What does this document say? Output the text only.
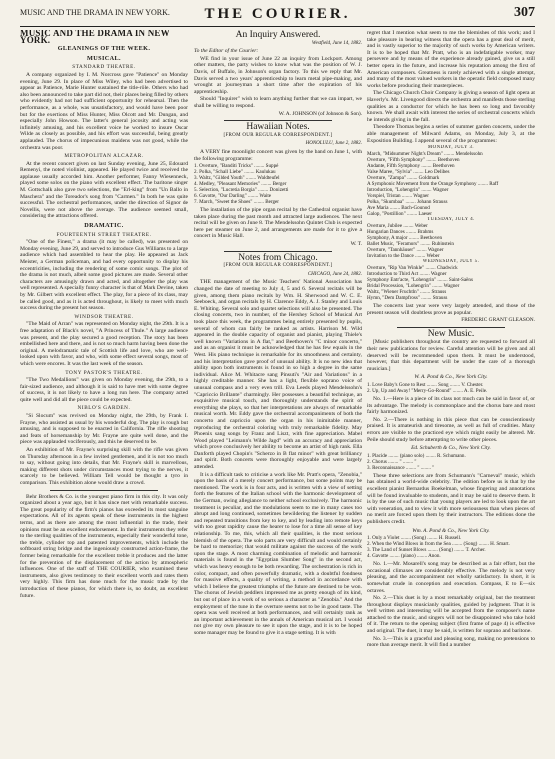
MUSIC AND THE DRAMA IN NEW YORK.	THE COURIER.	307
MUSIC AND THE DRAMA IN NEW YORK.
GLEANINGS OF THE WEEK.
MUSICAL.
STANDARD THEATRE.

A company organized by I. M. Norcross gave "Patience" on Monday evening, June 29. In place of Miss Wiley, who had been advertised to appear as Patience, Marie Hunter sustained the title-rôle. Others who had also been announced to take part did not, their places being filled by others who evidently had not had sufficient opportunity for rehearsal. Then the performance, as a whole, was unsatisfactory, and would have been poor but for the exertions of Miss Hunter, Miss Olcott and Mr. Dungan, and especially John Howson. The latter's general jocosity and acting was infinitely amusing, and his excellent voice he worked to insure Oscar Wilde as closely as possible, and his effort was successful, being greatly applauded. The chorus of impecunious maidens was not good, while the orchestra was poor.

METROPOLITAN ALCAZAR.

At the recent concert given on last Sunday evening, June 25, Edouard Remenyi, the noted violinist, appeared. He played twice and received the applause usually accorded him. Another performer, Fanny Wiesenneck, played some solos on the piano with excellent effect. The baritone singer M. Gottschalk also gave two selections, the "Erl-king" from "Un Ballo in Maschera" and the Toreador's song from "Carmen." In both he was quite successful. The orchestral performances, under the direction of Signor de Novellis, were not above the average. The audience seemed small, considering the attractions offered.

DRAMATIC.
FOURTEENTH STREET THEATRE.

"One of the Finest," a drama (it may be called), was presented on Monday evening, June 29, and served to introduce Gus Williams to a large audience which had assembled to hear the play. He appeared as Jack Meister, a German policeman, and had every opportunity to display his eccentricities, including the rendering of some comic songs. The plot of the drama is not much, albeit some good pictures are made. Several other characters are amusingly drawn and acted, and altogether the play was well represented. A specially funny character is that of Mark Devine, taken by Mr. Gilbert with excellent effect. The play, for a piece of its class, may be called good, and as it is acted throughout, is likely to meet with much success during the present hot season.

WINDSOR THEATRE.

"The Maid of Arran" was represented on Monday night, the 29th. It is a free adaptation of Black's novel, "A Princess of Thule." A large audience was present, and the play secured a good reception. The story has been embellished here and there, and is not so much harm having been done the original. A melodramatic tale of Scottish life and love, who are well-looked upon with favor, and who, with some effect several songs, most of which were encores. It was the last week of the season.

TONY PASTOR'S THEATRE.

"The Two Medallions" was given on Monday evening, the 29th, to a fair-sized audience, and although it is said to have met with some degree of success, it is not likely to have a long run here. The company acted quite well and did all the piece could be expected.

NIBLO'S GARDEN.

"Si Slocum" was revived on Monday night, the 29th, by Frank I. Frayne, who assisted as usual by his wonderful dog. The play is rough but amusing, and is supposed to be enacted in California. The rifle shooting and feats of horsemanship by Mr. Frayne are quite well done, and the piece was applauded vociferously, and this he deserved to be.

An exhibition of Mr. Frayne's surprising skill with the rifle was given on Thursday afternoon in a few invited gentlemen, and it is not too much to say, without going into details, that Mr. Frayne's skill is marvellous, making different shots under circumstances most trying to the nerves, it scarcely to be believed. William Tell would be thought a tyro in comparison. This exhibition alone would draw a crowd.

Behr Brothers & Co. is the youngest piano firm in this city. It was only organized about a year ago, but it has since met with remarkable success. The great popularity of the firm's pianos has exceeded its most sanguine expectations. All of its agents speak of these instruments in the highest terms, and as there are among the most influential in the trade, their opinions must be an excellent endorsement. In their instruments they refer to the sterling qualities of the instruments, especially their wonderful tone, the treble, cylinder top and patented improvements, which include the softboard string bridge and the ingeniously constructed action-frame, the former being remarkable for the excellent treble it produces and the latter for the prevention of the displacement of the action by atmospheric influences. One of the staff of THE COURIER, who examined these instruments, also gives testimony to their excellent worth and rates them very highly. This firm has done much for the music trade by the introduction of these pianos, for which there is, no doubt, an excellent future.

An Inquiry Answered.
Westfield, June 14, 1882.

To the Editor of the Courier:

WE find in your issue of June 22 an inquiry from Lockport. Among other matters, the party wishes to know what was the position of W. J. Davis, of Buffalo, in Johnson's organ factory. To this we reply that Mr. Davis served a two years' apprenticeship to learn metal pipe-making, and wrought at journeyman a short time after the expiration of his apprenticeship.

Should "Inquirer" wish to learn anything further that we can impart, we shall be willing to respond.

W. A. JOHNSON (of Johnson & Son).
Hawaiian Notes.
[FROM OUR REGULAR CORRESPONDENT.]
HONOLULU, June 2, 1882.

A VERY fine moonlight concert was given by the band on June 1, with the following programme:

1. Overture, "Banditi Tricks" ........ Suppé
2. Polka, "Schall Liebe" ........ Kaulukau
3. Waltz, "Gilded Youth" ........ Waldteufel
4. Medley, "Pleasant Memories" ........ Berger
5. Selection, "Lucretia Borgia" ........ Donizetti
6. Gavotte, "Our Darling" ........ Waite
7. March, "Sweet the Shoes" ........ Berger

The installation of the pipe organ recital by the Cathedral organist have taken place during the past month and attracted large audiences. The next recital will be given on June 8. The Mendelssohn Quintet Club is expected here per steamer on June 2, and arrangements are made for it to give a concert in Music Hall.

W. T.
Notes from Chicago.
[FROM OUR REGULAR CORRESPONDENT.]
CHICAGO, June 24, 1882.

THE management of the Music Teachers' National Association has changed the date of meeting to July 4, 5 and 6. Several recitals will be given, among them piano recitals by Wm. H. Sherwood and W. C. E. Seeboeck, and organ recitals by H. Clarence Eddy, A. J. Stanley and Louis E. Whiting. Several solo and quartet selections will also be presented. The closing concerts, two in number, of the Hershey School of Musical Art took place this week, the programmes being entirely presented by pupils, several of whom can fairly be ranked as artists. Harrison M. Wild appeared in the double capacity of organist and pianist, playing Thiele's well known "Variations in A flat," and Beethoven's "C minor concerto," and as an organist it must be acknowledged that he has few equals in the West. His piano technique is remarkable for its smoothness and certainty, and his interpretation gave proof of unusual ability. It is no new idea that ability upon both instruments is found in so high a degree in the same individual. Alice M. Whitacre sang Pinsuti's "Air and Variations" in a highly creditable manner. She has a light, flexible soprano voice of unusual compass and a very even trill. Eva Leeds played Mendelssohn's "Capriccio Brillante" charmingly. Her possesses a beautiful technique, an exquisitive musical touch, and thoroughly understands the spirit of everything she plays, so that her interpretations are always of remarkable musical worth. Mr. Eddy gave the orchestral accompaniments of both the concerto and capriccio upon the organ in his inimitable manner, reproducing the orchestral coloring with truly remarkable fidelity. May Phoenix sang songs by Franz and Liszt, with fine appreciation. Mabel Wood played "Leimann's Wilde Jagd" with an accuracy and appreciation which prove conclusively her ability to become an artist of high rank. Ella Danforth played Chopin's "Scherzo in B flat minor" with great brilliancy and spirit. Both concerts were thoroughly enjoyable and were largely attended.

It is a difficult task to criticise a work like Mr. Pratt's opera, "Zenobia," upon the basis of a merely concert performance, but some points may be mentioned. The work is in four acts, and is written with a view of setting forth the features of the Italian school with the harmonic development of the German, owing allegiance to neither school exclusively. The harmonic treatment is peculiar, and the modulations seem to me in many cases too abrupt and long continued, sometimes bewildering the listener by sudden and repeated transitions from key to key, and by leading into remote keys with too great rapidity cause the hearer to lose for a time all sense of key relationship. To me, this, which all their qualities, is the most serious blemish of the opera. The solo parts are very difficult and would certainly be hard to memorize; that would militate against the success of the work upon the stage. A most charming combination of melodic and harmonic materials is found in the "Egyptian Slumber Song" in the second act, which was heavy enough to be both rewarding. The orchestration is rich in color, compact, and often powerfully dramatic, with a doubtful fondness for massive effects, a quality of writing, a method in accordance with which I believe the greatest triumphs of the future are destined to be won. The chorus of Jewish peddlers impressed me as pretty enough of its kind, but out of place in a work of so serious a character as "Zenobia." And the employment of the tune in the overture seems not to be in good taste. The opera was well received at both performances, and will certainly rank as an important achievement in the annals of American musical art. I would not give my own pleasure to see it upon the stage, and it is to be hoped some manager may be found to give it a stage setting. It is with

regret that I mention what seem to me the blemishes of this work; and I take pleasure in bearing witness that the opera has a great deal of merit, and is vastly superior to the majority of such works by American writers. It is to be hoped that Mr. Pratt, who is an indefatigable worker, may persevere and by means of the experience already gained, give us a still better opera in the future, and increase his reputation among the first of American composers. Greatness is rarely achieved with a single attempt, and many of the most valued workers in the operatic field composed many works before producing their masterpieces.

The Chicago Church Choir Company is giving a season of light opera at Haverly's. Mr. Livengood directs the orchestra and manifests those sterling qualities as a conductor for which he has been so long and favorably known. We shall await with interest the series of orchestral concerts which he intends giving in the fall.

Theodore Thomas begins a series of summer garden concerts, under the able management of Milward Adams, on Monday, July 3, at the Exposition Building. I append several of the programmes:

MONDAY, JULY 3.
March, "Midsummer Night's Dream" ........ Mendelssohn
Overture, "Fifth Symphony" ........ Beethoven
Andante, Fifth Symphony ........ Beethoven
Valse Maree, "Sylvia" ........ Leo Delibes
Overture, "Zampa" ........ Goldmark
A Symphonic Movement from the Orange Symphony ........ Raff
Introduction, "Lohengrin" ........ Wagner
Vorspiel, Tristan ........ Wagner
Polka, "Skumbaa" ........ Johann Strauss
Ave Maria ........ Bach-Gounod
Galop, "Postillion" ........ Laeser
TUESDAY, JULY 4.
Overture, Jubilee ........ Weber
Hungarian Dances ........ Brahms
Symphony, A major ........ Beethoven
Ballet Music, "Feramors" ........ Rubinstein
Overture, "Tannhäuser" ........ Wagner
Invitation to the Dance ........ Weber
WEDNESDAY, JULY 5.
Overture, "Rip Van Winkle" ........ Chadwick
Introduction to Third Act ........ Wagner
Symphony Entr'acte, "Lohengrin" ........ Saint-Saëns
Bridal Procession, "Lohengrin" ........ Wagner
Waltz, "Wiener Fruchtln" ........ Strauss
Hymn, "Dem Dampfross" ........ Strauss

The concerts last year were very largely attended, and those of the present season will doubtless prove as popular.

FREDERIC GRANT GLEASON.
New Music.

[Music publishers throughout the country are requested to forward all their new publications for review. Careful attention will be given and all deserved will be recommended upon them. It must be understood, however, that this department will be under the care of a thorough musician.]

W. A. Pond & Co., New York City.
1. Love Baby's Gone to Rest ........ Song ........ V. Chester.
2. Up, Up and Away! "Merry-Go-Round" ........ A. E. Peile.

No. 1.—Here is a piece of its class not much can be said in favor of, or its advantage. The melody is commonplace and the chorus bare and most fairly harmonized.

No. 2.—There is nothing in this piece that can be conscientiously praised. It is amateurish and tiresome, as well as full of crudities. Many errors are visible to the practiced eye which might easily be altered. Mr. Peile should study before attempting to write other pieces.

Ed. Schuberth & Co., New York City.
1. Placide ........ (piano solo) ........ R. Schumann.
2. Chorus ........ " ........ "
3. Reconnaissance ........ " ........ "

These three selections are from Schumann's "Carneval" music, which has obtained a world-wide celebrity. The edition before us is that by the excellent pianist Bernardus Boekelman, whose fingering and annotations will be found invaluable to students, and it may be said to deserve them. It is by the use of such music that young players are led to look upon the art with veneration, and to view it with more seriousness than when pieces of no merit are forced upon them by their instructors. The editions done the publishers credit.

Wm. A. Pond & Co., New York City.
1. Only a Violet ........ (Song) ........ H. Russell.
2. When the Wind Blows in from the Sea ........ (Song) ........ H. Smart.
3. The Land of Sunset Blows ........ (Song) ........ T. Archer.
4. Gavotte ........ (piano) ........ Anon.

No. 1.—Mr. Mosarell's song may be described as a fair effort, but the occasional climaxes are considerably effective. The melody is not very pleasing, and the accompaniment not wholly satisfactory. In short, it is somewhat crude in conception and execution. Compass, E to E—six octaves.

No. 2.—This duet is by a most remarkably original, but the treatment throughout displays musicianly qualities, guided by judgment. That it is well written and interesting will be accepted from the composer's name attached to the music, and singers will not be disappointed who take hold of it. The return to the opening subject (first frame of page 4) is effective and original. The duet, it may be said, is written for soprano and baritone.

No. 3.—This is a graceful and pleasing song, making no pretensions to more than average merit. It will find a number
